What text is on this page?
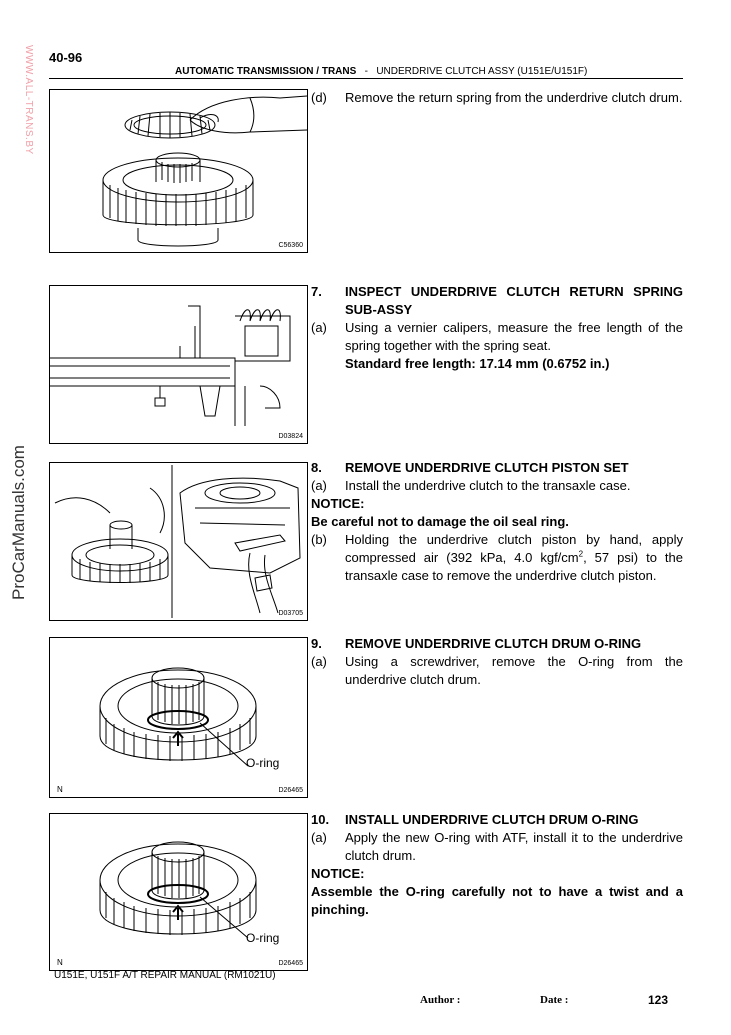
40-96
AUTOMATIC TRANSMISSION / TRANS - UNDERDRIVE CLUTCH ASSY (U151E/U151F)
WWW.ALL-TRANS.BY
ProCarManuals.com
C56360
D03824
D03705
O-ring
N	D26465
O-ring
N	D26465
(d)	Remove the return spring from the underdrive clutch drum.
7.	INSPECT UNDERDRIVE CLUTCH RETURN SPRING SUB-ASSY
(a)	Using a vernier calipers, measure the free length of the spring together with the spring seat.
Standard free length: 17.14 mm (0.6752 in.)
8.	REMOVE UNDERDRIVE CLUTCH PISTON SET
(a)	Install the underdrive clutch to the transaxle case.
NOTICE:
Be careful not to damage the oil seal ring.
(b)	Holding the underdrive clutch piston by hand, apply compressed air (392 kPa, 4.0 kgf/$cm^2$, 57 psi) to the transaxle case to remove the underdrive clutch piston.
9.	REMOVE UNDERDRIVE CLUTCH DRUM O-RING
(a)	Using a screwdriver, remove the O-ring from the underdrive clutch drum.
10.	INSTALL UNDERDRIVE CLUTCH DRUM O-RING
(a)	Apply the new O-ring with ATF, install it to the underdrive clutch drum.
NOTICE:
Assemble the O-ring carefully not to have a twist and a pinching.
U151E, U151F A/T REPAIR MANUAL (RM1021U)
Author :	Date :	123
